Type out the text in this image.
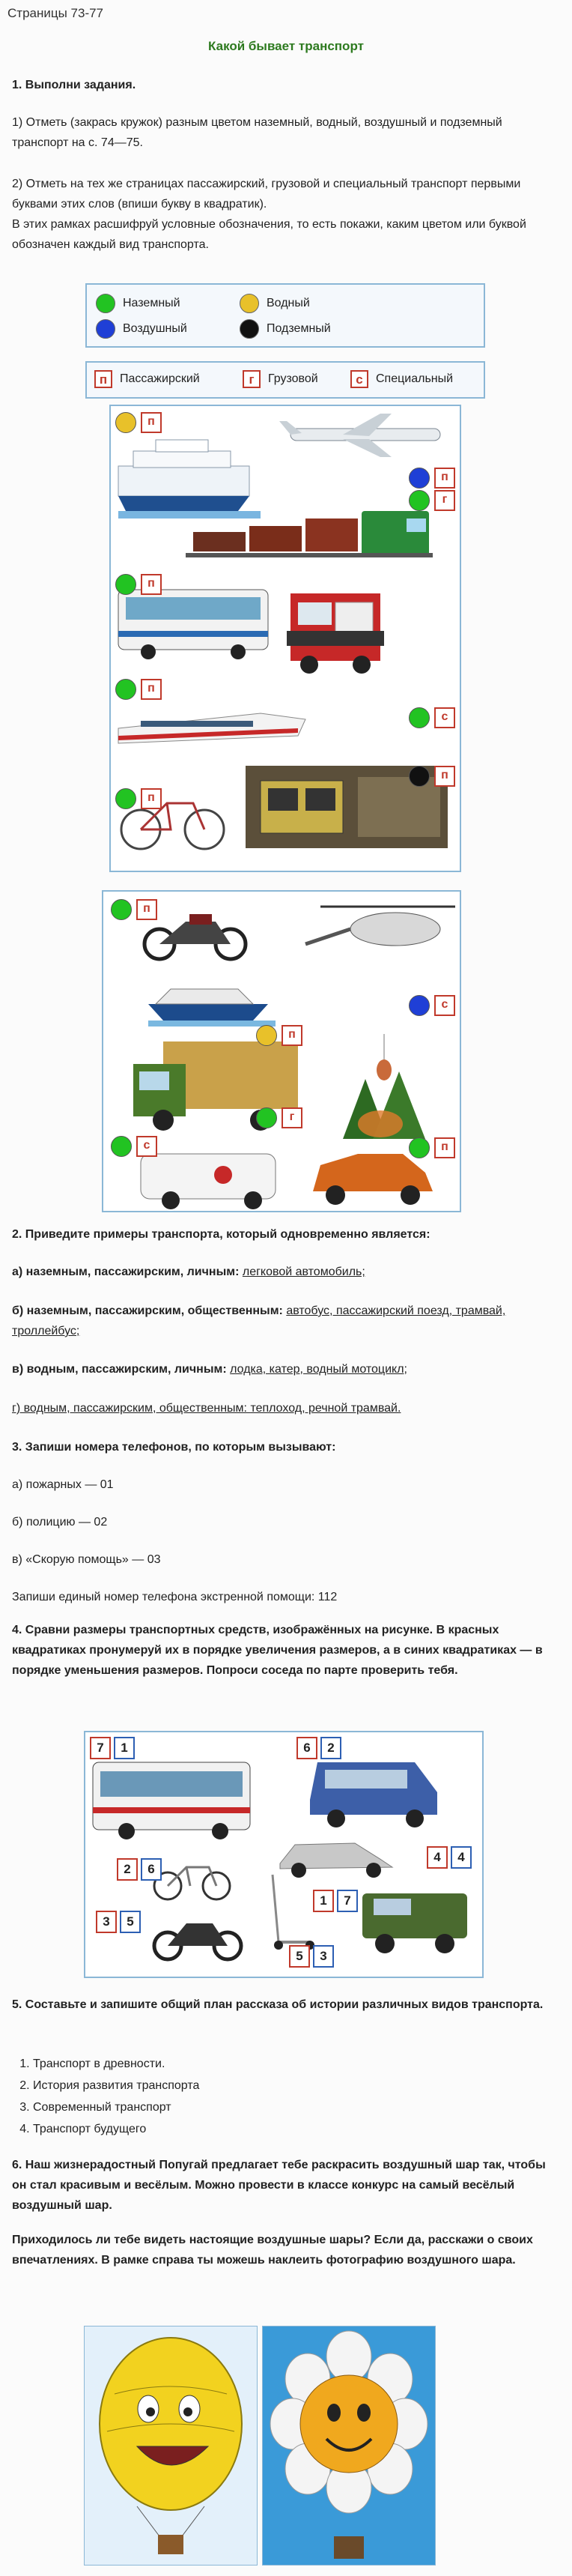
Страницы 73-77
Какой бывает транспорт
1. Выполни задания.
1) Отметь (закрась кружок) разным цветом наземный, водный, воздушный и подземный транспорт на с. 74—75.
2) Отметь на тех же страницах пассажирский, грузовой и специальный транспорт первыми буквами этих слов (впиши букву в квадратик).
В этих рамках расшифруй условные обозначения, то есть покажи, каким цветом или буквой обозначен каждый вид транспорта.
Наземный	Водный
Воздушный	Подземный
п	Пассажирский	г	Грузовой	с	Специальный
п
п
г
п
п
с
п
п
п
с
п
г
с	п
2. Приведите примеры транспорта, который одновременно является:
а) наземным, пассажирским, личным: легковой автомобиль;
б) наземным, пассажирским, общественным: автобус, пассажирский поезд, трамвай, троллейбус;
в) водным, пассажирским, личным: лодка, катер, водный мотоцикл;
г) водным, пассажирским, общественным: теплоход, речной трамвай.
3. Запиши номера телефонов, по которым вызывают:
а) пожарных — 01
б) полицию — 02
в) «Скорую помощь» — 03
Запиши единый номер телефона экстренной помощи: 112
4. Сравни размеры транспортных средств, изображённых на рисунке. В красных квадратиках пронумеруй их в порядке увеличения размеров, а в синих квадратиках — в порядке уменьшения размеров. Попроси соседа по парте проверить тебя.
7	1	6	2
4	4
2	6
3	5
1	7
5	3
5. Составьте и запишите общий план рассказа об истории различных видов транспорта.
1. Транспорт в древности.
2. История развития транспорта
3. Современный транспорт
4. Транспорт будущего
6. Наш жизнерадостный Попугай предлагает тебе раскрасить воздушный шар так, чтобы он стал красивым и весёлым. Можно провести в классе конкурс на самый весёлый воздушный шар.
Приходилось ли тебе видеть настоящие воздушные шары? Если да, расскажи о своих впечатлениях. В рамке справа ты можешь наклеить фотографию воздушного шара.
